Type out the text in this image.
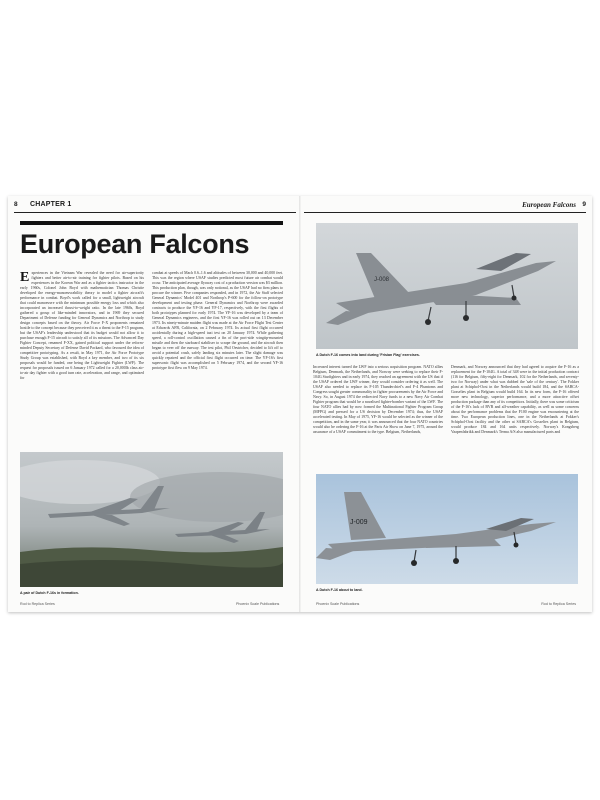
8 CHAPTER 1	European Falcons 9
European Falcons

Experiences in the Vietnam War revealed the need for air-superiority fighters and better air-to-air training for fighter pilots. Based on his experiences in the Korean War and as a fighter tactics instructor in the early 1960s, Colonel John Boyd with mathematician Thomas Christie developed the energy-manoeuvrability theory to model a fighter aircraft's performance in combat. Boyd's work called for a small, lightweight aircraft that could manoeuvre with the minimum possible energy loss and which also incorporated an increased thrust-to-weight ratio. In the late 1960s, Boyd gathered a group of like-minded innovators, and in 1969 they secured Department of Defense funding for General Dynamics and Northrop to study design concepts based on the theory. Air Force F-X proponents remained hostile to the concept because they perceived it as a threat to the F-15 program, but the USAF's leadership understood that its budget would not allow it to purchase enough F-15 aircraft to satisfy all of its missions. The Advanced Day Fighter Concept, renamed F-XX, gained political support under the reform-minded Deputy Secretary of Defense David Packard, who favoured the idea of competitive prototyping. As a result, in May 1971, the Air Force Prototype Study Group was established, with Boyd a key member, and two of its six proposals would be funded, one being the Lightweight Fighter (LWF). The request for proposals issued on 6 January 1972 called for a 20,000lb class air-to-air day fighter with a good turn rate, acceleration, and range, and optimised for

combat at speeds of Mach 0.6–1.6 and altitudes of between 30,000 and 40,000 feet. This was the region where USAF studies predicted most future air combat would occur. The anticipated average flyaway cost of a production version was $3 million. This production plan, though, was only notional, as the USAF had no firm plans to procure the winner. Five companies responded, and in 1972, the Air Staff selected General Dynamics' Model 401 and Northrop's P-600 for the follow-on prototype development and testing phase. General Dynamics and Northrop were awarded contracts to produce the YF-16 and YF-17, respectively, with the first flights of both prototypes planned for early 1974. The YF-16 was developed by a team of General Dynamics engineers, and the first YF-16 was rolled out on 13 December 1973. Its ninety-minute maiden flight was made at the Air Force Flight Test Center at Edwards AFB, California, on 2 February 1974. Its actual first flight occurred accidentally during a high-speed taxi test on 20 January 1974. While gathering speed, a roll-control oscillation caused a fin of the port-side wingtip-mounted missile and then the starboard stabiliser to scrape the ground, and the aircraft then began to veer off the runway. The test pilot, Phil Oestricher, decided to lift off to avoid a potential crash, safely landing six minutes later. The slight damage was quickly repaired and the official first flight occurred on time. The YF-16's first supersonic flight was accomplished on 5 February 1974, and the second YF-16 prototype first flew on 9 May 1974.

A pair of Dutch F-16s in formation.
J-008
A Dutch F-16 comes into land during 'Frisian Flag' exercises.

Increased interest turned the LWF into a serious acquisition program. NATO allies Belgium, Denmark, the Netherlands, and Norway were seeking to replace their F-104G Starfighters and in early 1974, they reached an agreement with the US that if the USAF ordered the LWF winner, they would consider ordering it as well. The USAF also needed to replace its F-105 Thunderchief's and F-4 Phantoms and Congress sought greater commonality in fighter procurements by the Air Force and Navy. So, in August 1974 the redirected Navy funds to a new Navy Air Combat Fighter program that would be a navalised fighter-bomber variant of the LWF. The four NATO allies had by now formed the Multinational Fighter Program Group (MFPG) and pressed for a US decision by December 1974; thus, the USAF accelerated testing. In May of 1975, YF-16 would be selected as the winner of the competition, and in the same year, it was announced that the four NATO countries would also be ordering the F-16 at the Paris Air Show on June 7, 1975, around the assurance of a USAF commitment to the type. Belgium, Netherlands,

Denmark, and Norway announced that they had agreed to acquire the F-16 as a replacement for the F-104G. A total of 348 were in the initial production contract (116 for Belgium, fifty-eight for Denmark, 102 for the Netherlands, and seventy-two for Norway) under what was dubbed the 'sale of the century'. The Fokker plant at Schiphol-Oost in the Netherlands would build 184, and the SABCA-Gosselies plant in Belgium would build 164. In its new form, the F-16 offered more new technology, superior performance, and a more attractive offset production package than any of its competitors. Initially, there was some criticism of the F-16's lack of BVR and all-weather capability, as well as some concerns about the performance problems that the F100 engine was encountering at the time. Two European production lines, one in the Netherlands at Fokker's Schiphol-Oost facility and the other at SABCA's Gosselies plant in Belgium, would produce 184 and 164 units respectively. Norway's Kongsberg Vaapenfabrikk and Denmark's Terma A/S also manufactured parts and

J-009
A Dutch F-16 about to land.
Rod to Replica Series	Phoenix Scale Publications	Phoenix Scale Publications	Rod to Replica Series
